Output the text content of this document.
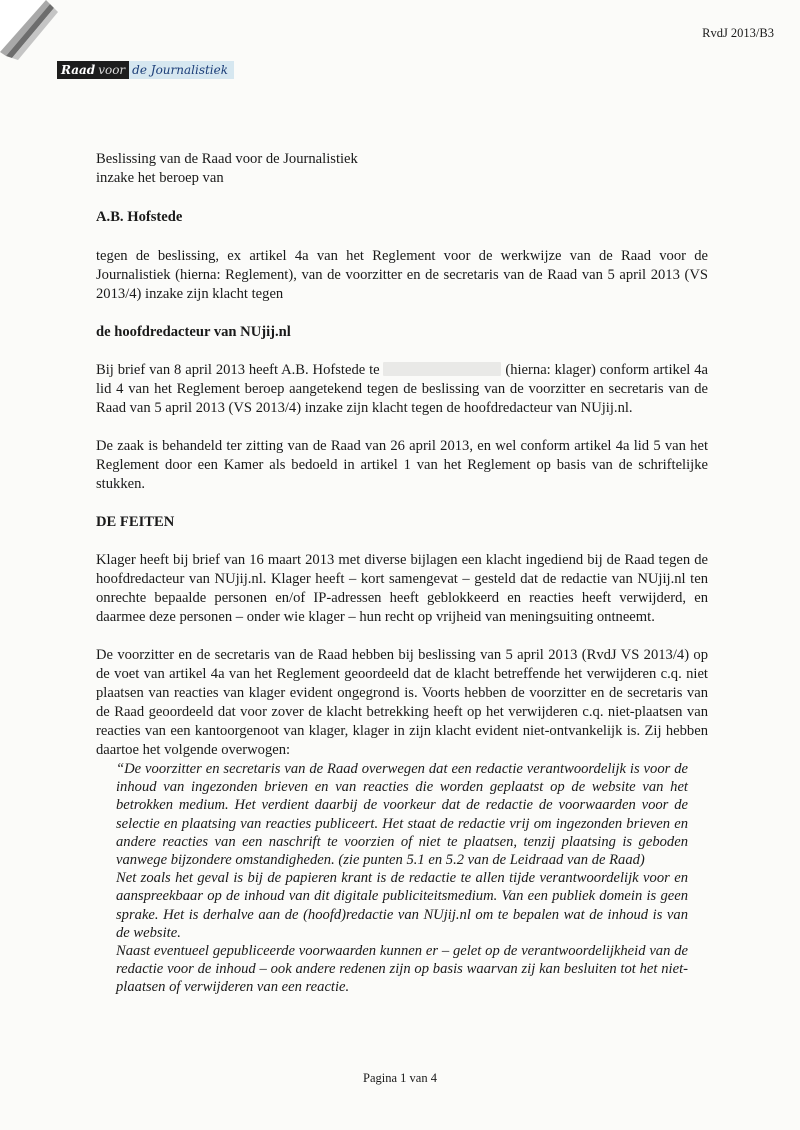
RvdJ 2013/B3
Raad voor de Journalistiek

Beslissing van de Raad voor de Journalistiek

inzake het beroep van

A.B. Hofstede

tegen de beslissing, ex artikel 4a van het Reglement voor de werkwijze van de Raad voor de Journalistiek (hierna: Reglement), van de voorzitter en de secretaris van de Raad van 5 april 2013 (VS 2013/4) inzake zijn klacht tegen

de hoofdredacteur van NUjij.nl

Bij brief van 8 april 2013 heeft A.B. Hofstede te	(hierna: klager) conform artikel 4a lid 4 van het Reglement beroep aangetekend tegen de beslissing van de voorzitter en secretaris van de Raad van 5 april 2013 (VS 2013/4) inzake zijn klacht tegen de hoofdredacteur van NUjij.nl.

De zaak is behandeld ter zitting van de Raad van 26 april 2013, en wel conform artikel 4a lid 5 van het Reglement door een Kamer als bedoeld in artikel 1 van het Reglement op basis van de schriftelijke stukken.

DE FEITEN

Klager heeft bij brief van 16 maart 2013 met diverse bijlagen een klacht ingediend bij de Raad tegen de hoofdredacteur van NUjij.nl. Klager heeft – kort samengevat – gesteld dat de redactie van NUjij.nl ten onrechte bepaalde personen en/of IP-adressen heeft geblokkeerd en reacties heeft verwijderd, en daarmee deze personen – onder wie klager – hun recht op vrijheid van meningsuiting ontneemt.

De voorzitter en de secretaris van de Raad hebben bij beslissing van 5 april 2013 (RvdJ VS 2013/4) op de voet van artikel 4a van het Reglement geoordeeld dat de klacht betreffende het verwijderen c.q. niet plaatsen van reacties van klager evident ongegrond is. Voorts hebben de voorzitter en de secretaris van de Raad geoordeeld dat voor zover de klacht betrekking heeft op het verwijderen c.q. niet-plaatsen van reacties van een kantoorgenoot van klager, klager in zijn klacht evident niet-ontvankelijk is. Zij hebben daartoe het volgende overwogen:

“De voorzitter en secretaris van de Raad overwegen dat een redactie verantwoordelijk is voor de inhoud van ingezonden brieven en van reacties die worden geplaatst op de website van het betrokken medium. Het verdient daarbij de voorkeur dat de redactie de voorwaarden voor de selectie en plaatsing van reacties publiceert. Het staat de redactie vrij om ingezonden brieven en andere reacties van een naschrift te voorzien of niet te plaatsen, tenzij plaatsing is geboden vanwege bijzondere omstandigheden. (zie punten 5.1 en 5.2 van de Leidraad van de Raad)

Net zoals het geval is bij de papieren krant is de redactie te allen tijde verantwoordelijk voor en aanspreekbaar op de inhoud van dit digitale publiciteitsmedium. Van een publiek domein is geen sprake. Het is derhalve aan de (hoofd)redactie van NUjij.nl om te bepalen wat de inhoud is van de website.

Naast eventueel gepubliceerde voorwaarden kunnen er – gelet op de verantwoordelijkheid van de redactie voor de inhoud – ook andere redenen zijn op basis waarvan zij kan besluiten tot het niet-plaatsen of verwijderen van een reactie.

Pagina 1 van 4
